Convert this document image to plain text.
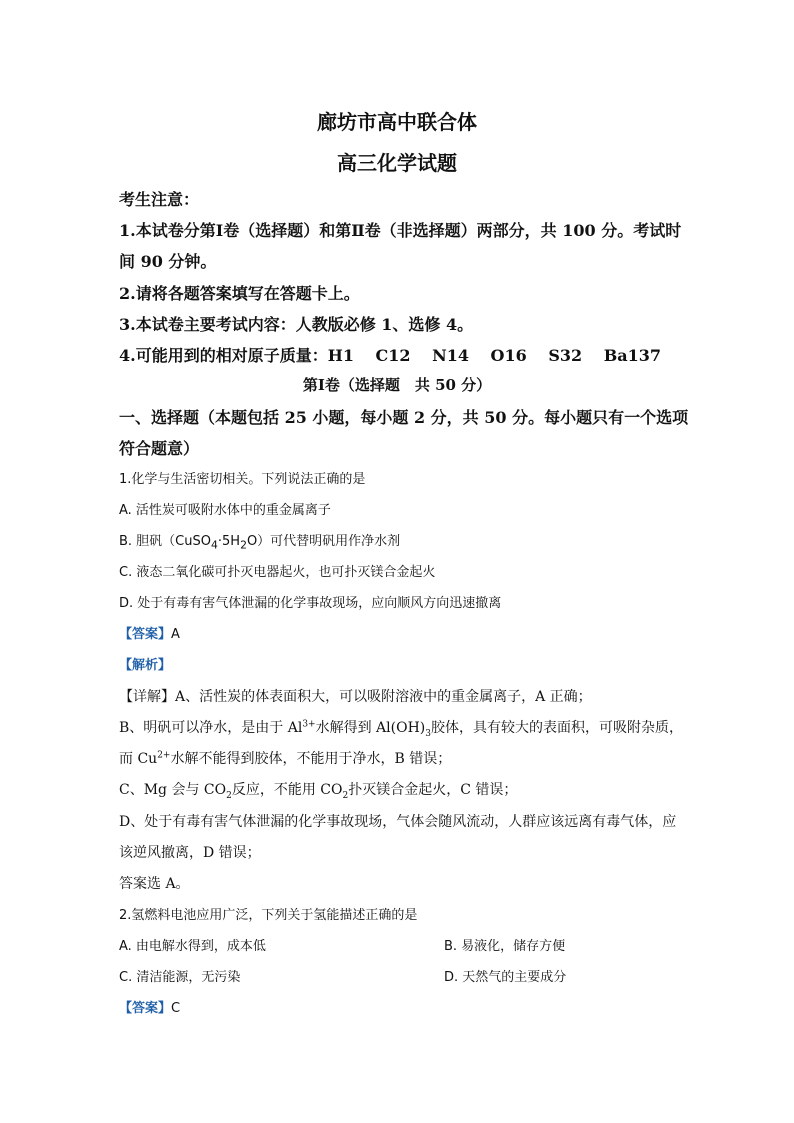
廊坊市高中联合体
高三化学试题
考生注意：
1.本试卷分第Ⅰ卷（选择题）和第Ⅱ卷（非选择题）两部分，共 100 分。考试时
间 90 分钟。
2.请将各题答案填写在答题卡上。
3.本试卷主要考试内容：人教版必修 1、选修 4。
4.可能用到的相对原子质量：H1　 C12　 N14　 O16　 S32　 Ba137
第Ⅰ卷（选择题　共 50 分）
一、选择题（本题包括 25 小题，每小题 2 分，共 50 分。每小题只有一个选项
符合题意）
1.化学与生活密切相关。下列说法正确的是
A. 活性炭可吸附水体中的重金属离子
B. 胆矾$(CuSO_4\cdot 5H_2O)$可代替明矾用作净水剂
C. 液态二氧化碳可扑灭电器起火，也可扑灭镁合金起火
D. 处于有毒有害气体泄漏的化学事故现场，应向顺风方向迅速撤离
【答案】A
【解析】
【详解】A、活性炭的体表面积大，可以吸附溶液中的重金属离子，A 正确；
B、明矾可以净水，是由于 $Al^{3+}$水解得到 $Al(OH)_3$胶体，具有较大的表面积，可吸附杂质，
而 $Cu^{2+}$水解不能得到胶体，不能用于净水，B 错误；
C、Mg 会与 $CO_2$反应，不能用 $CO_2$扑灭镁合金起火，C 错误；
D、处于有毒有害气体泄漏的化学事故现场，气体会随风流动，人群应该远离有毒气体，应
该逆风撤离，D 错误；
答案选 A。
2.氢燃料电池应用广泛，下列关于氢能描述正确的是
A. 由电解水得到，成本低	B. 易液化，储存方便
C. 清洁能源，无污染	D. 天然气的主要成分
【答案】C
